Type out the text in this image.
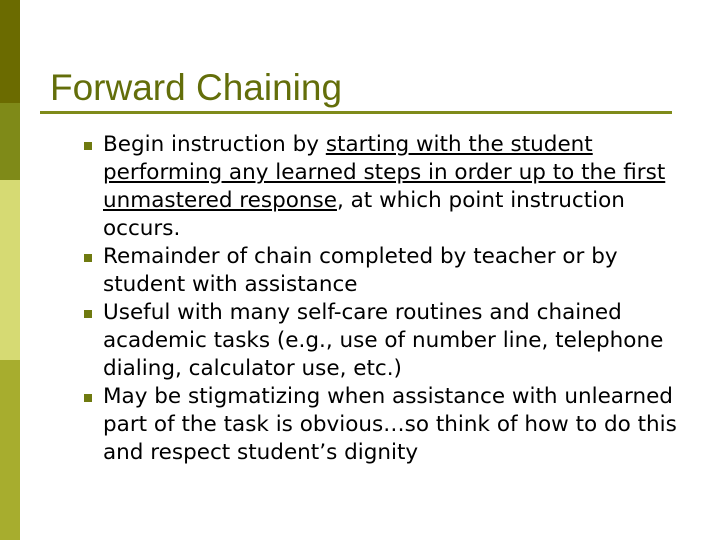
Forward Chaining
Begin instruction by starting with the student performing any learned steps in order up to the first unmastered response, at which point instruction occurs.
Remainder of chain completed by teacher or by student with assistance
Useful with many self-care routines and chained academic tasks (e.g., use of number line, telephone dialing, calculator use, etc.)
May be stigmatizing when assistance with unlearned part of the task is obvious…so think of how to do this and respect student’s dignity
